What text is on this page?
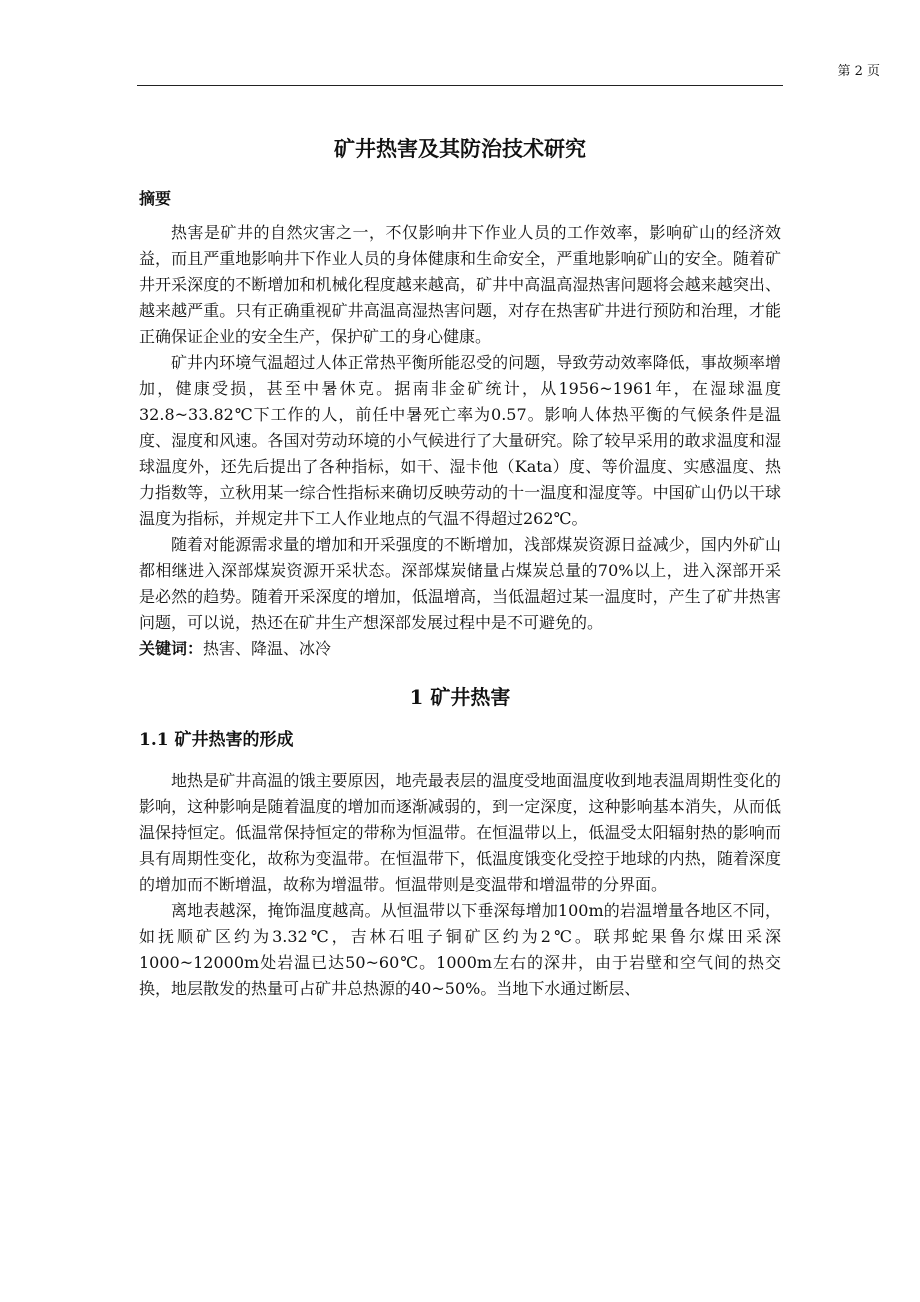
第 2 页
矿井热害及其防治技术研究
摘要

热害是矿井的自然灾害之一，不仅影响井下作业人员的工作效率，影响矿山的经济效益，而且严重地影响井下作业人员的身体健康和生命安全，严重地影响矿山的安全。随着矿井开采深度的不断增加和机械化程度越来越高，矿井中高温高湿热害问题将会越来越突出、越来越严重。只有正确重视矿井高温高湿热害问题，对存在热害矿井进行预防和治理，才能正确保证企业的安全生产，保护矿工的身心健康。

矿井内环境气温超过人体正常热平衡所能忍受的问题，导致劳动效率降低，事故频率增加，健康受损，甚至中暑休克。据南非金矿统计，从1956~1961年，在湿球温度32.8~33.82℃下工作的人，前任中暑死亡率为0.57。影响人体热平衡的气候条件是温度、湿度和风速。各国对劳动环境的小气候进行了大量研究。除了较早采用的敢求温度和湿球温度外，还先后提出了各种指标，如干、湿卡他（Kata）度、等价温度、实感温度、热力指数等，立秋用某一综合性指标来确切反映劳动的十一温度和湿度等。中国矿山仍以干球温度为指标，并规定井下工人作业地点的气温不得超过262℃。

随着对能源需求量的增加和开采强度的不断增加，浅部煤炭资源日益减少，国内外矿山都相继进入深部煤炭资源开采状态。深部煤炭储量占煤炭总量的70%以上，进入深部开采是必然的趋势。随着开采深度的增加，低温增高，当低温超过某一温度时，产生了矿井热害问题，可以说，热还在矿井生产想深部发展过程中是不可避免的。

关键词：热害、降温、冰冷

1 矿井热害
1.1 矿井热害的形成

地热是矿井高温的饿主要原因，地壳最表层的温度受地面温度收到地表温周期性变化的影响，这种影响是随着温度的增加而逐渐减弱的，到一定深度，这种影响基本消失，从而低温保持恒定。低温常保持恒定的带称为恒温带。在恒温带以上，低温受太阳辐射热的影响而具有周期性变化，故称为变温带。在恒温带下，低温度饿变化受控于地球的内热，随着深度的增加而不断增温，故称为增温带。恒温带则是变温带和增温带的分界面。

离地表越深，掩饰温度越高。从恒温带以下垂深每增加100m的岩温增量各地区不同，如抚顺矿区约为3.32℃，吉林石咀子铜矿区约为2℃。联邦蛇果鲁尔煤田采深1000~12000m处岩温已达50~60℃。1000m左右的深井，由于岩壁和空气间的热交换，地层散发的热量可占矿井总热源的40~50%。当地下水通过断层、
